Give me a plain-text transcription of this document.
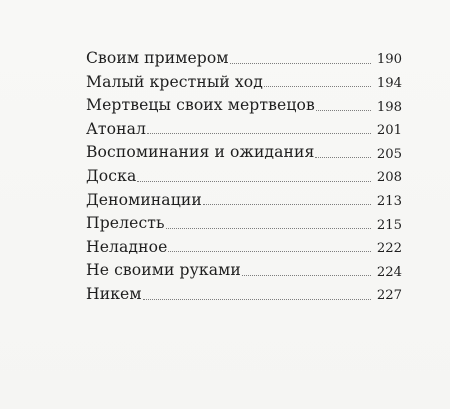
Своим примером	190
Малый крестный ход	194
Мертвецы своих мертвецов	198
Атонал	201
Воспоминания и ожидания	205
Доска	208
Деноминации	213
Прелесть	215
Неладное	222
Не своими руками	224
Никем	227
